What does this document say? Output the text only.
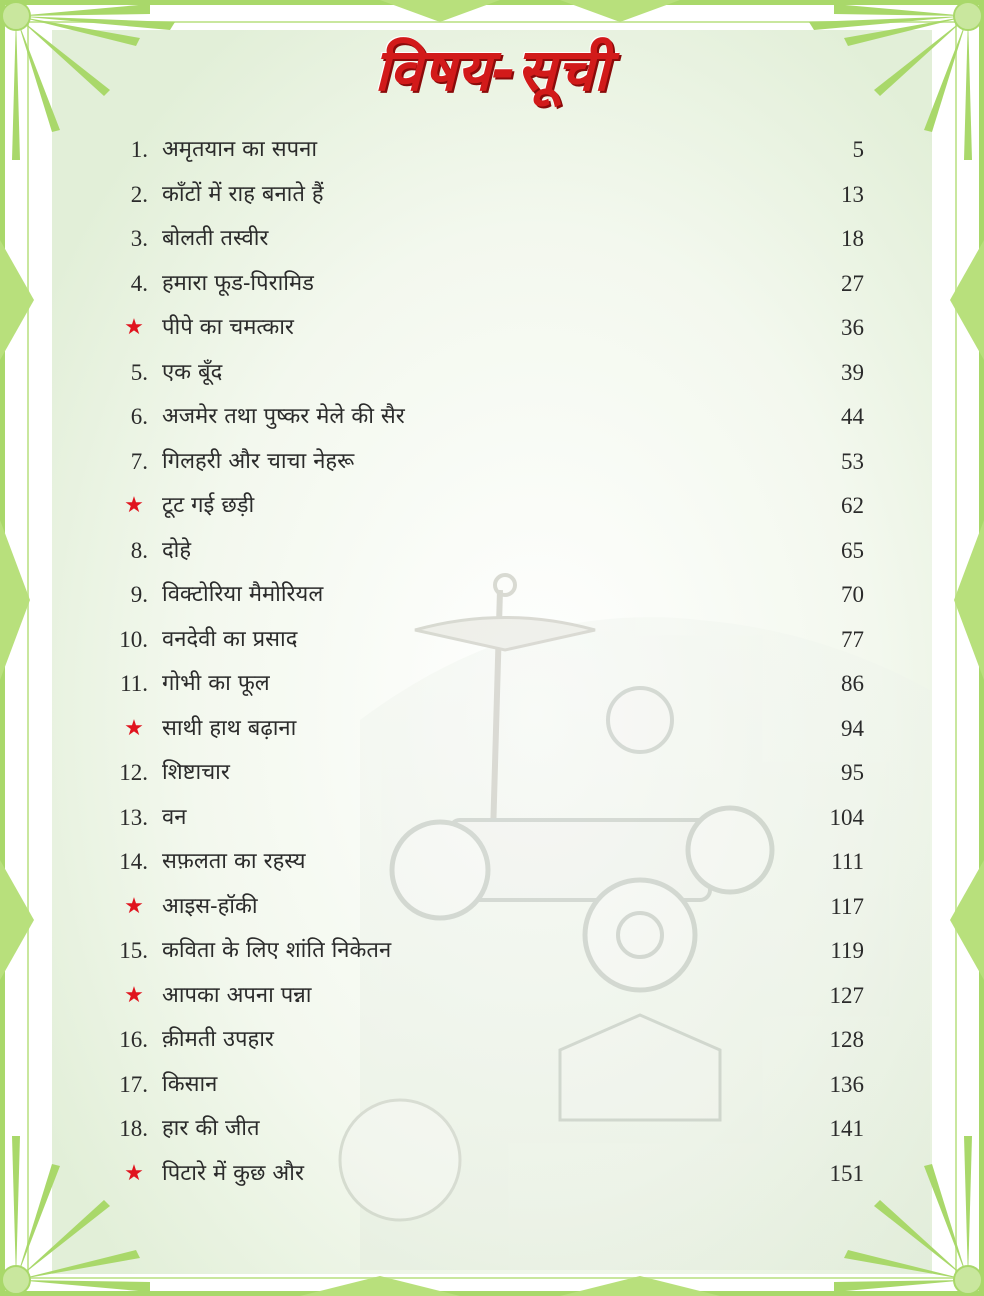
विषय-सूची
1. अमृतयान का सपना	5
2. काँटों में राह बनाते हैं	13
3. बोलती तस्वीर	18
4. हमारा फूड-पिरामिड	27
★ पीपे का चमत्कार	36
5. एक बूँद	39
6. अजमेर तथा पुष्कर मेले की सैर	44
7. गिलहरी और चाचा नेहरू	53
★ टूट गई छड़ी	62
8. दोहे	65
9. विक्टोरिया मैमोरियल	70
10. वनदेवी का प्रसाद	77
11. गोभी का फूल	86
★ साथी हाथ बढ़ाना	94
12. शिष्टाचार	95
13. वन	104
14. सफ़लता का रहस्य	111
★ आइस-हॉकी	117
15. कविता के लिए शांति निकेतन	119
★ आपका अपना पन्ना	127
16. क़ीमती उपहार	128
17. किसान	136
18. हार की जीत	141
★ पिटारे में कुछ और	151
